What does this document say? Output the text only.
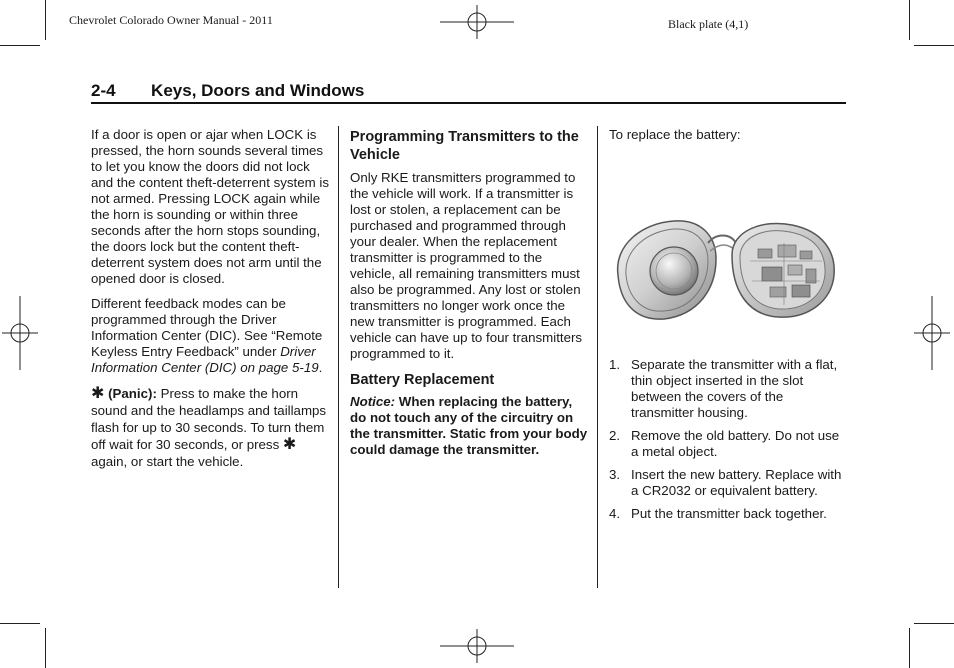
Chevrolet Colorado Owner Manual - 2011	Black plate (4,1)
2-4 Keys, Doors and Windows

If a door is open or ajar when LOCK is pressed, the horn sounds several times to let you know the doors did not lock and the content theft-deterrent system is not armed. Pressing LOCK again while the horn is sounding or within three seconds after the horn stops sounding, the doors lock but the content theft-deterrent system does not arm until the opened door is closed.

Different feedback modes can be programmed through the Driver Information Center (DIC). See “Remote Keyless Entry Feedback” under Driver Information Center (DIC) on page 5-19.

✱ (Panic): Press to make the horn sound and the headlamps and taillamps flash for up to 30 seconds. To turn them off wait for 30 seconds, or press ✱ again, or start the vehicle.

Programming Transmitters to the Vehicle

Only RKE transmitters programmed to the vehicle will work. If a transmitter is lost or stolen, a replacement can be purchased and programmed through your dealer. When the replacement transmitter is programmed to the vehicle, all remaining transmitters must also be programmed. Any lost or stolen transmitters no longer work once the new transmitter is programmed. Each vehicle can have up to four transmitters programmed to it.

Battery Replacement

Notice: When replacing the battery, do not touch any of the circuitry on the transmitter. Static from your body could damage the transmitter.

To replace the battery:

1. Separate the transmitter with a flat, thin object inserted in the slot between the covers of the transmitter housing.
2. Remove the old battery. Do not use a metal object.
3. Insert the new battery. Replace with a CR2032 or equivalent battery.
4. Put the transmitter back together.
